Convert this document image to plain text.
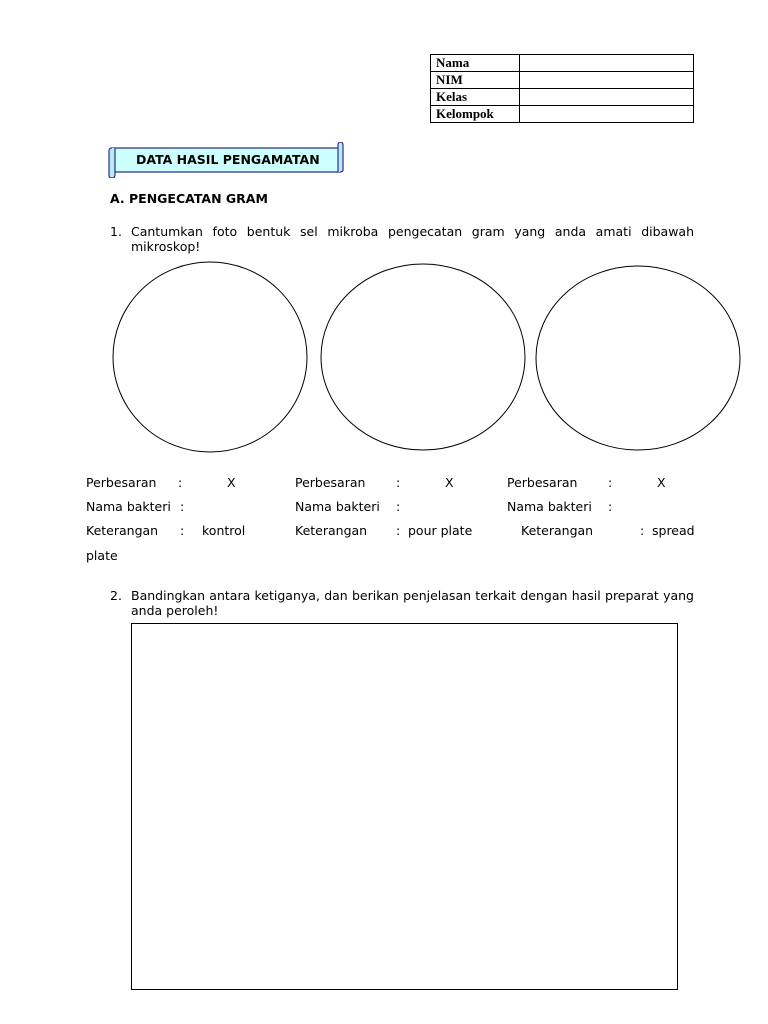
Nama	
NIM	
Kelas	
Kelompok	
DATA HASIL PENGAMATAN
A. PENGECATAN GRAM
1. Cantumkan foto bentuk sel mikroba pengecatan gram yang anda amati dibawah mikroskop!
Perbesaran :	X
Nama bakteri :
Keterangan : kontrol
Perbesaran :	X
Nama bakteri :
Keterangan : pour plate
Perbesaran :	X
Nama bakteri :
Keterangan	: spread
plate
2. Bandingkan antara ketiganya, dan berikan penjelasan terkait dengan hasil preparat yang anda peroleh!
